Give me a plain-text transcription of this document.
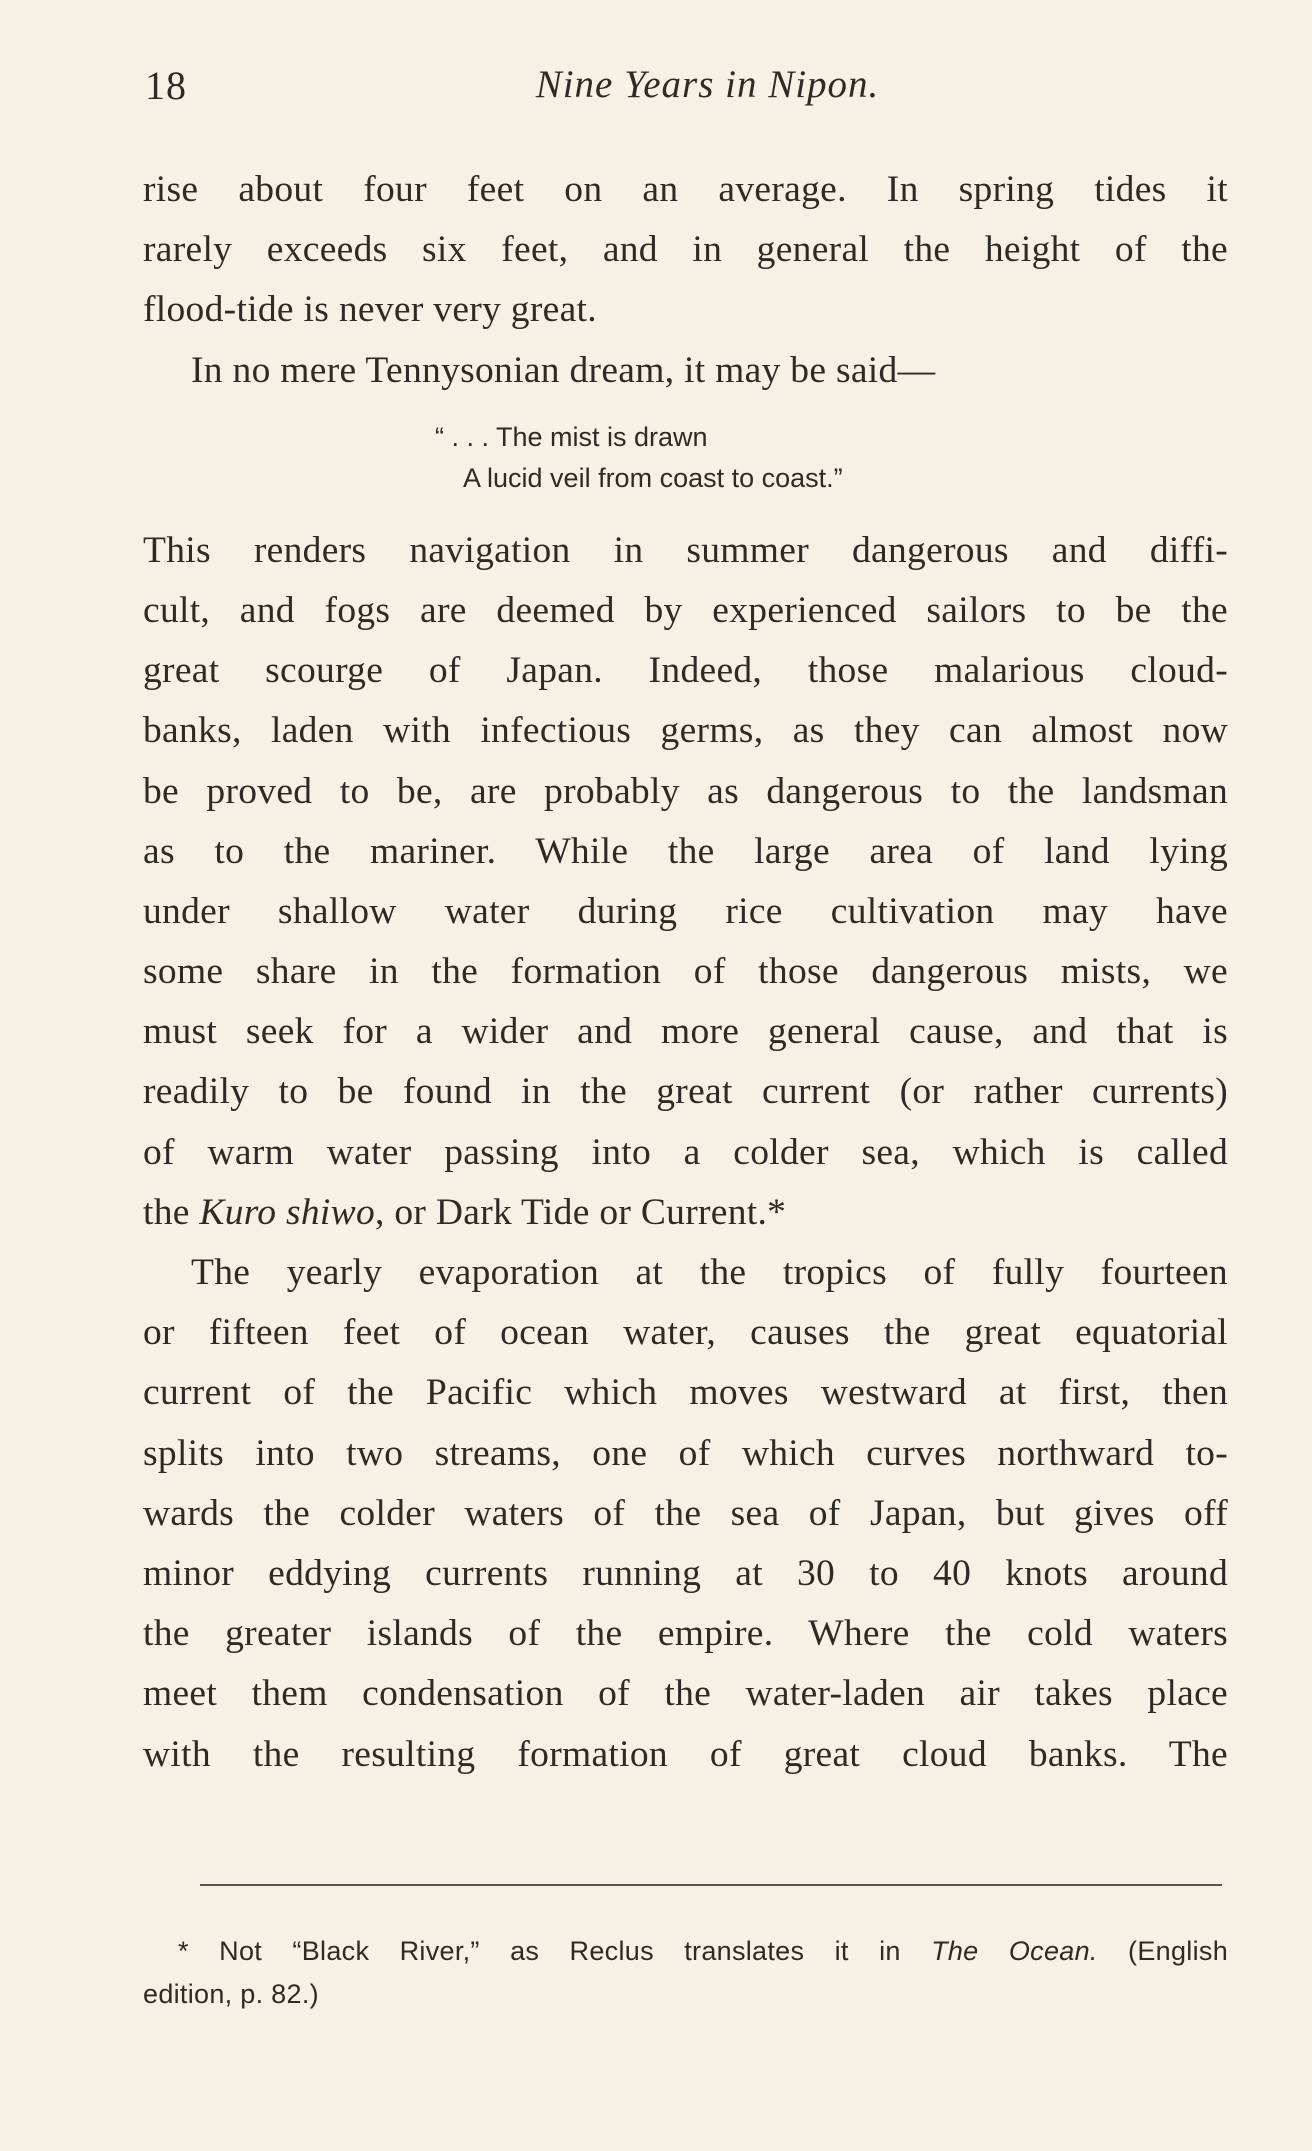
18	Nine Years in Nipon.
rise about four feet on an average. In spring tides it
rarely exceeds six feet, and in general the height of the
flood-tide is never very great.
In no mere Tennysonian dream, it may be said—
“ . . . The mist is drawn
A lucid veil from coast to coast.”
This renders navigation in summer dangerous and diffi-
cult, and fogs are deemed by experienced sailors to be the
great scourge of Japan. Indeed, those malarious cloud-
banks, laden with infectious germs, as they can almost now
be proved to be, are probably as dangerous to the landsman
as to the mariner. While the large area of land lying
under shallow water during rice cultivation may have
some share in the formation of those dangerous mists, we
must seek for a wider and more general cause, and that is
readily to be found in the great current (or rather currents)
of warm water passing into a colder sea, which is called
the Kuro shiwo, or Dark Tide or Current.*
The yearly evaporation at the tropics of fully fourteen
or fifteen feet of ocean water, causes the great equatorial
current of the Pacific which moves westward at first, then
splits into two streams, one of which curves northward to-
wards the colder waters of the sea of Japan, but gives off
minor eddying currents running at 30 to 40 knots around
the greater islands of the empire. Where the cold waters
meet them condensation of the water-laden air takes place
with the resulting formation of great cloud banks. The
* Not “Black River,” as Reclus translates it in The Ocean. (English
edition, p. 82.)
